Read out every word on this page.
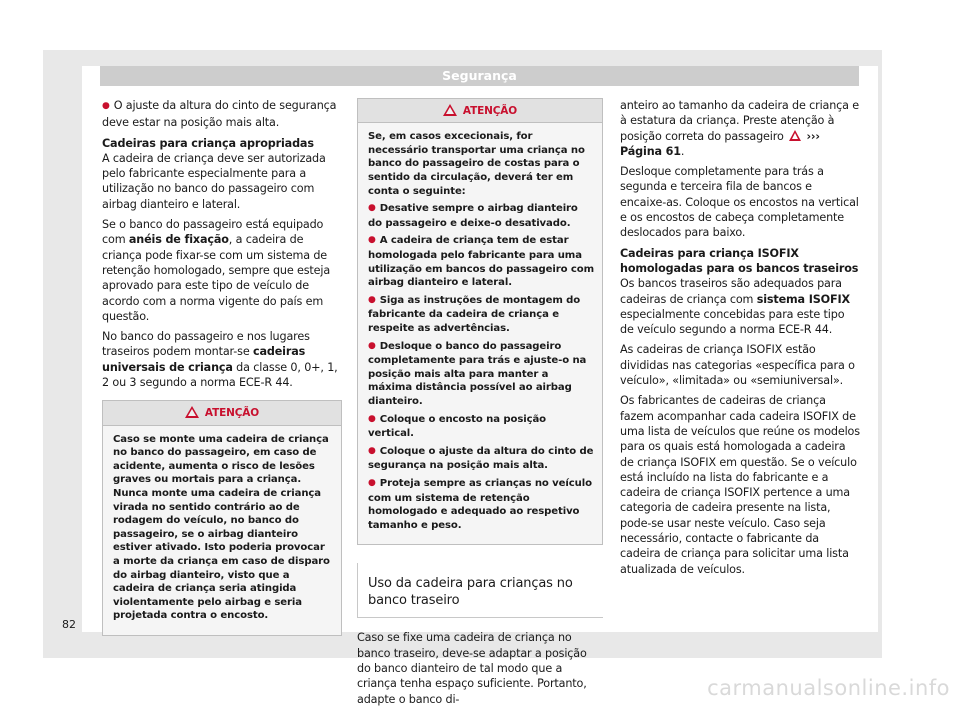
Segurança

● O ajuste da altura do cinto de segurança deve estar na posição mais alta.

Cadeiras para criança apropriadas

A cadeira de criança deve ser autorizada pelo fabricante especialmente para a utilização no banco do passageiro com airbag dianteiro e lateral.

Se o banco do passageiro está equipado com anéis de fixação, a cadeira de criança pode fixar-se com um sistema de retenção homologado, sempre que esteja aprovado para este tipo de veículo de acordo com a norma vigente do país em questão.

No banco do passageiro e nos lugares traseiros podem montar-se cadeiras universais de criança da classe 0, 0+, 1, 2 ou 3 segundo a norma ECE-R 44.

ATENÇÃO

Caso se monte uma cadeira de criança no banco do passageiro, em caso de acidente, aumenta o risco de lesões graves ou mortais para a criança. Nunca monte uma cadeira de criança virada no sentido contrário ao de rodagem do veículo, no banco do passageiro, se o airbag dianteiro estiver ativado. Isto poderia provocar a morte da criança em caso de disparo do airbag dianteiro, visto que a cadeira de criança seria atingida violentamente pelo airbag e seria projetada contra o encosto.

ATENÇÃO

Se, em casos excecionais, for necessário transportar uma criança no banco do passageiro de costas para o sentido da circulação, deverá ter em conta o seguinte:

● Desative sempre o airbag dianteiro do passageiro e deixe-o desativado.

● A cadeira de criança tem de estar homologada pelo fabricante para uma utilização em bancos do passageiro com airbag dianteiro e lateral.

● Siga as instruções de montagem do fabricante da cadeira de criança e respeite as advertências.

● Desloque o banco do passageiro completamente para trás e ajuste-o na posição mais alta para manter a máxima distância possível ao airbag dianteiro.

● Coloque o encosto na posição vertical.

● Coloque o ajuste da altura do cinto de segurança na posição mais alta.

● Proteja sempre as crianças no veículo com um sistema de retenção homologado e adequado ao respetivo tamanho e peso.

Uso da cadeira para crianças no banco traseiro

Caso se fixe uma cadeira de criança no banco traseiro, deve-se adaptar a posição do banco dianteiro de tal modo que a criança tenha espaço suficiente. Portanto, adapte o banco di-

anteiro ao tamanho da cadeira de criança e à estatura da criança. Preste atenção à posição correta do passageiro  ››› Página 61.

Desloque completamente para trás a segunda e terceira fila de bancos e encaixe-as. Coloque os encostos na vertical e os encostos de cabeça completamente deslocados para baixo.

Cadeiras para criança ISOFIX homologadas para os bancos traseiros

Os bancos traseiros são adequados para cadeiras de criança com sistema ISOFIX especialmente concebidas para este tipo de veículo segundo a norma ECE-R 44.

As cadeiras de criança ISOFIX estão divididas nas categorias «específica para o veículo», «limitada» ou «semiuniversal».

Os fabricantes de cadeiras de criança fazem acompanhar cada cadeira ISOFIX de uma lista de veículos que reúne os modelos para os quais está homologada a cadeira de criança ISOFIX em questão. Se o veículo está incluído na lista do fabricante e a cadeira de criança ISOFIX pertence a uma categoria de cadeira presente na lista, pode-se usar neste veículo. Caso seja necessário, contacte o fabricante da cadeira de criança para solicitar uma lista atualizada de veículos.

82
carmanualsonline.info
